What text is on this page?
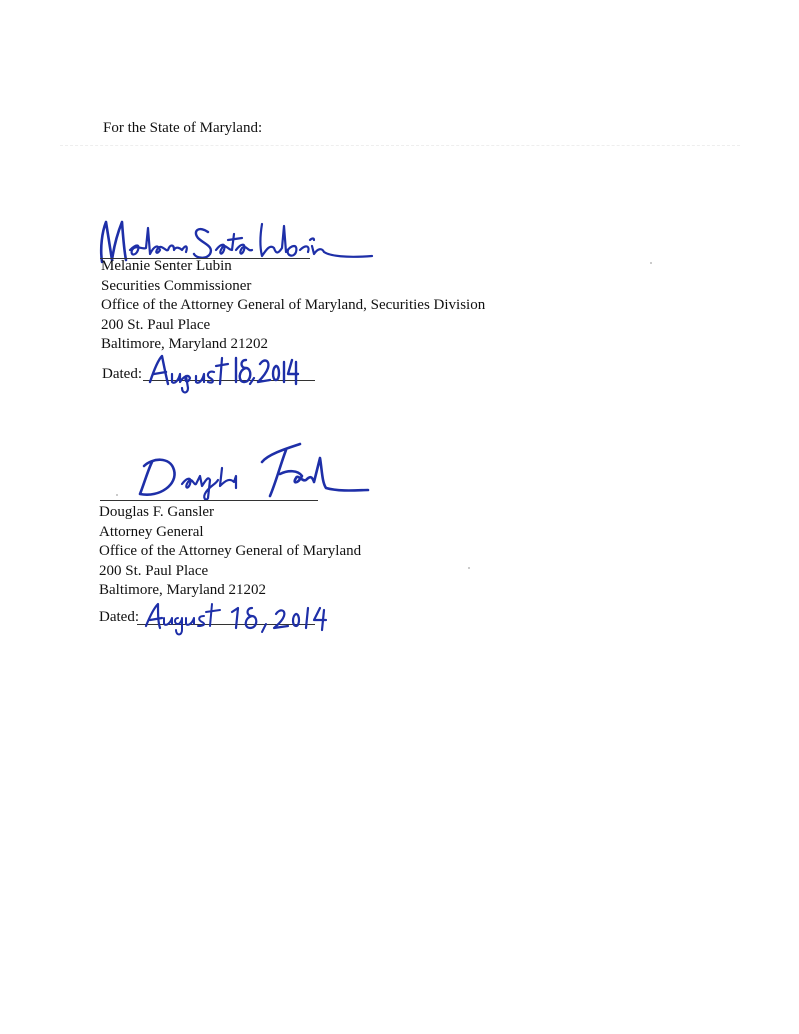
For the State of Maryland:
Melanie Senter Lubin
Securities Commissioner
Office of the Attorney General of Maryland, Securities Division
200 St. Paul Place
Baltimore, Maryland 21202
Dated:
Douglas F. Gansler
Attorney General
Office of the Attorney General of Maryland
200 St. Paul Place
Baltimore, Maryland 21202
Dated:
